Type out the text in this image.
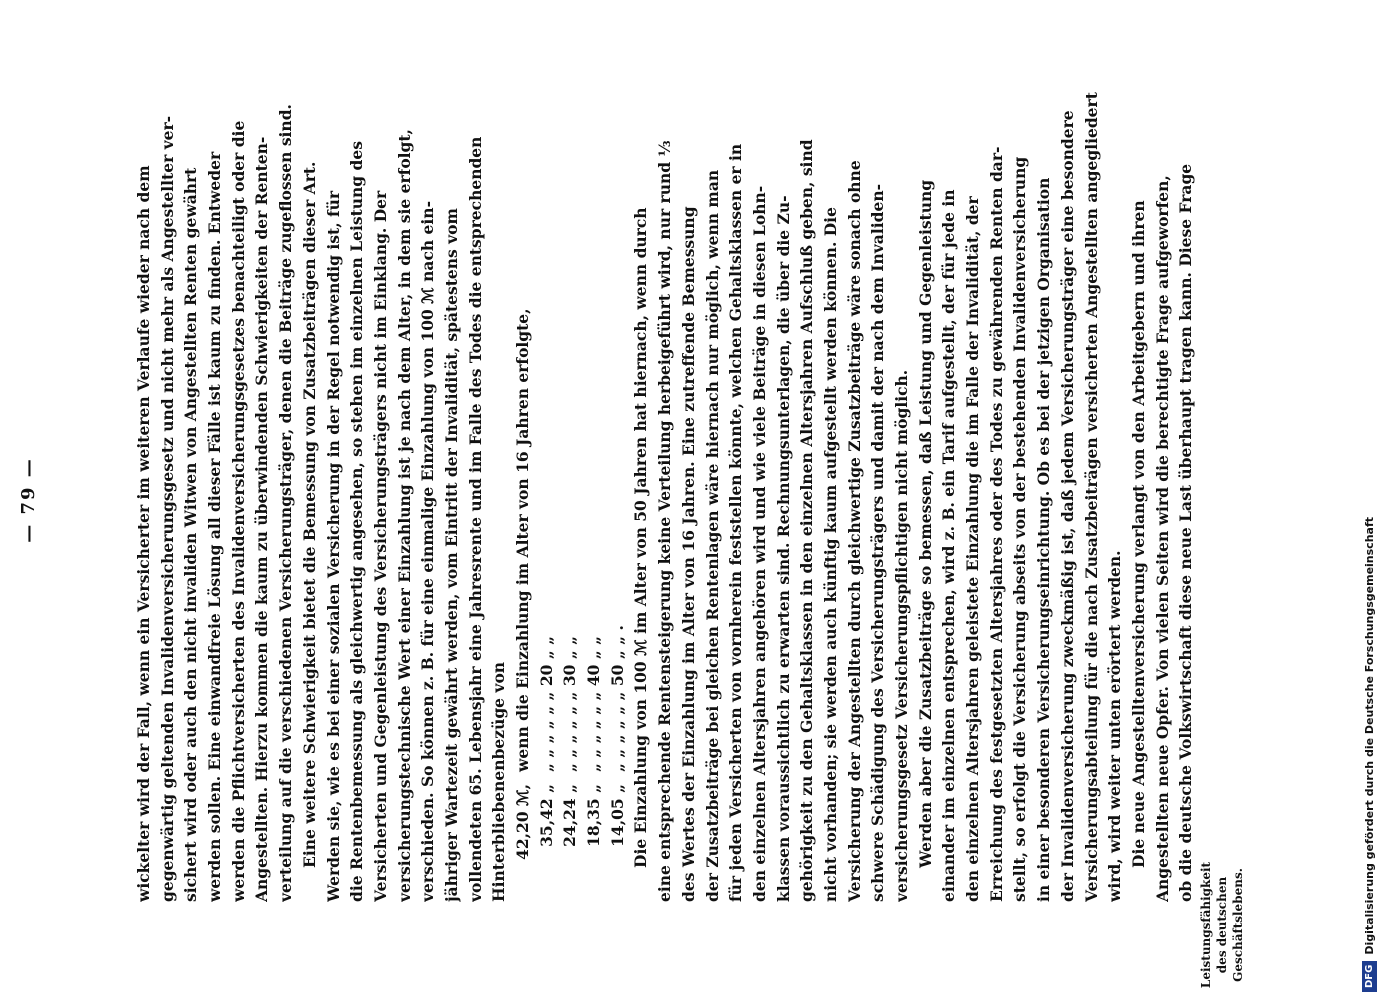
— 79 —	wickelter wird der Fall, wenn ein Versicherter im weiteren Verlaufe wieder nach dem gegenwärtig geltenden Invalidenversicherungsgesetz und nicht mehr als Angestellter ver- sichert wird oder auch den nicht invaliden Witwen von Angestellten Renten gewährt werden sollen. Eine einwandfreie Lösung all dieser Fälle ist kaum zu finden. Entweder werden die Pflichtversicherten des Invalidenversicherungsgesetzes benachteiligt oder die Angestellten. Hierzu kommen die kaum zu überwindenden Schwierigkeiten der Renten- verteilung auf die verschiedenen Versicherungsträger, denen die Beiträge zugeflossen sind. Eine weitere Schwierigkeit bietet die Bemessung von Zusatzbeiträgen dieser Art. Werden sie, wie es bei einer sozialen Versicherung in der Regel notwendig ist, für die Rentenbemessung als gleichwertig angesehen, so stehen im einzelnen Leistung des Versicherten und Gegenleistung des Versicherungsträgers nicht im Einklang. Der versicherungstechnische Wert einer Einzahlung ist je nach dem Alter, in dem sie erfolgt, verschieden. So können z. B. für eine einmalige Einzahlung von 100 ℳ nach ein- jähriger Wartezeit gewährt werden, vom Eintritt der Invalidität, spätestens vom vollendeten 65. Lebensjahr eine Jahresrente und im Falle des Todes die entsprechenden Hinterbliebenenbezüge von 42,20 ℳ,
wenn die Einzahlung im Alter von 16 Jahren erfolgte,
35,42 „
„ „ „ „ „ „ 20 „ „
24,24 „
„ „ „ „ „ „ 30 „ „
18,35 „
„ „ „ „ „ „ 40 „ „
14,05 „
„ „ „ „ „ „ 50 „ „ . Die Einzahlung von 100 ℳ im Alter von 50 Jahren hat hiernach, wenn durch eine entsprechende Rentensteigerung keine Verteilung herbeigeführt wird, nur rund ⅓ des Wertes der Einzahlung im Alter von 16 Jahren. Eine zutreffende Bemessung der Zusatzbeiträge bei gleichen Rentenlagen wäre hiernach nur möglich, wenn man für jeden Versicherten von vornherein feststellen könnte, welchen Gehaltsklassen er in den einzelnen Altersjahren angehören wird und wie viele Beiträge in diesen Lohn- klassen voraussichtlich zu erwarten sind. Rechnungsunterlagen, die über die Zu- gehörigkeit zu den Gehaltsklassen in den einzelnen Altersjahren Aufschluß geben, sind nicht vorhanden; sie werden auch künftig kaum aufgestellt werden können. Die Versicherung der Angestellten durch gleichwertige Zusatzbeiträge wäre sonach ohne schwere Schädigung des Versicherungsträgers und damit der nach dem Invaliden- versicherungsgesetz Versicherungspflichtigen nicht möglich. Werden aber die Zusatzbeiträge so bemessen, daß Leistung und Gegenleistung einander im einzelnen entsprechen, wird z. B. ein Tarif aufgestellt, der für jede in den einzelnen Altersjahren geleistete Einzahlung die im Falle der Invalidität, der Erreichung des festgesetzten Altersjahres oder des Todes zu gewährenden Renten dar- stellt, so erfolgt die Versicherung abseits von der bestehenden Invalidenversicherung in einer besonderen Versicherungseinrichtung. Ob es bei der jetzigen Organisation der Invalidenversicherung zweckmäßig ist, daß jedem Versicherungsträger eine besondere Versicherungsabteilung für die nach Zusatzbeiträgen versicherten Angestellten angegliedert wird, wird weiter unten erörtert werden. Die neue Angestelltenversicherung verlangt von den Arbeitgebern und ihren Angestellten neue Opfer. Von vielen Seiten wird die berechtigte Frage aufgeworfen, ob die deutsche Volkswirtschaft diese neue Last überhaupt tragen kann. Diese Frage
Leistungsfähigkeit des deutschen Geschäftslebens.	DFG
Digitalisierung gefördert durch die Deutsche Forschungsgemeinschaft
